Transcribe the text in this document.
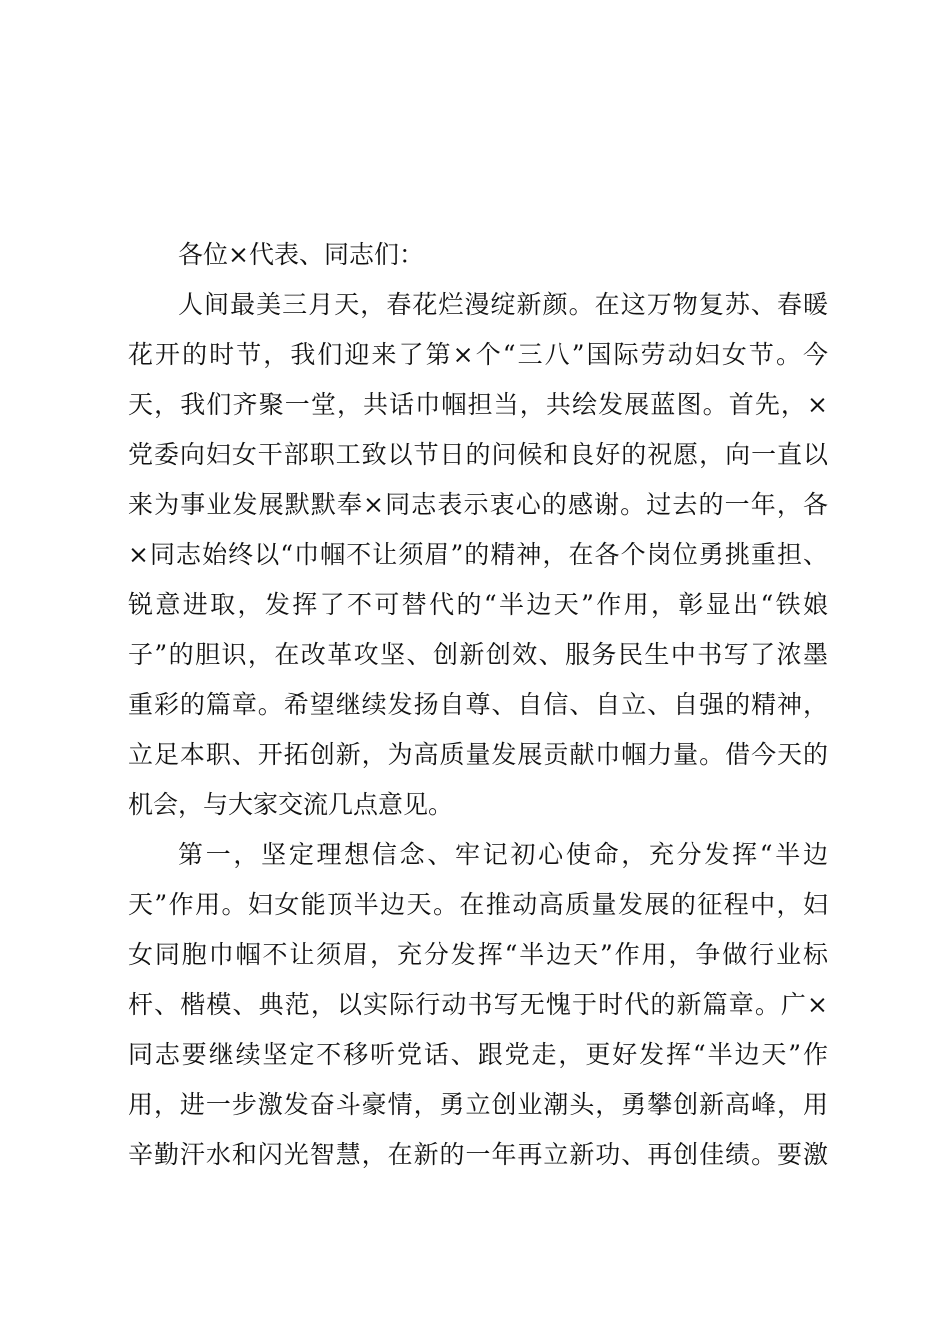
各位×代表、同志们：
人间最美三月天，春花烂漫绽新颜。在这万物复苏、春暖
花开的时节，我们迎来了第×个“三八”国际劳动妇女节。今
天，我们齐聚一堂，共话巾帼担当，共绘发展蓝图。首先，×
党委向妇女干部职工致以节日的问候和良好的祝愿，向一直以
来为事业发展默默奉×同志表示衷心的感谢。过去的一年，各
×同志始终以“巾帼不让须眉”的精神，在各个岗位勇挑重担、
锐意进取，发挥了不可替代的“半边天”作用，彰显出“铁娘
子”的胆识，在改革攻坚、创新创效、服务民生中书写了浓墨
重彩的篇章。希望继续发扬自尊、自信、自立、自强的精神，
立足本职、开拓创新，为高质量发展贡献巾帼力量。借今天的
机会，与大家交流几点意见。
第一，坚定理想信念、牢记初心使命，充分发挥“半边
天”作用。妇女能顶半边天。在推动高质量发展的征程中，妇
女同胞巾帼不让须眉，充分发挥“半边天”作用，争做行业标
杆、楷模、典范，以实际行动书写无愧于时代的新篇章。广×
同志要继续坚定不移听党话、跟党走，更好发挥“半边天”作
用，进一步激发奋斗豪情，勇立创业潮头，勇攀创新高峰，用
辛勤汗水和闪光智慧，在新的一年再立新功、再创佳绩。要激
